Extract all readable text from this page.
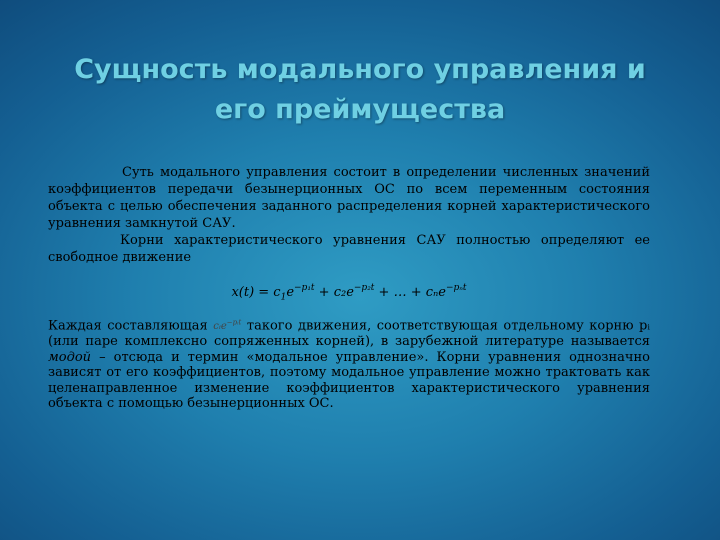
Сущность модального управления и
его преймущества

Суть модального управления состоит в определении численных значений коэффициентов передачи безынерционных ОС по всем переменным состояния объекта с целью обеспечения заданного распределения корней характеристического уравнения замкнутой САУ.

Корни характеристического уравнения САУ полностью определяют ее свободное движение

$x(t) = c_1e^{-p_1t} + c_2e^{-p_2t}$ + … + cₙe$^{-p_nt}$

Каждая составляющая cᵢe$^{-pᵢt}$ такого движения, соответствующая отдельному корню pᵢ (или паре комплексно сопряженных корней), в зарубежной литературе называется модой – отсюда и термин «модальное управление». Корни уравнения однозначно зависят от его коэффициентов, поэтому модальное управление можно трактовать как целенаправленное изменение коэффициентов характеристического уравнения объекта с помощью безынерционных ОС.
